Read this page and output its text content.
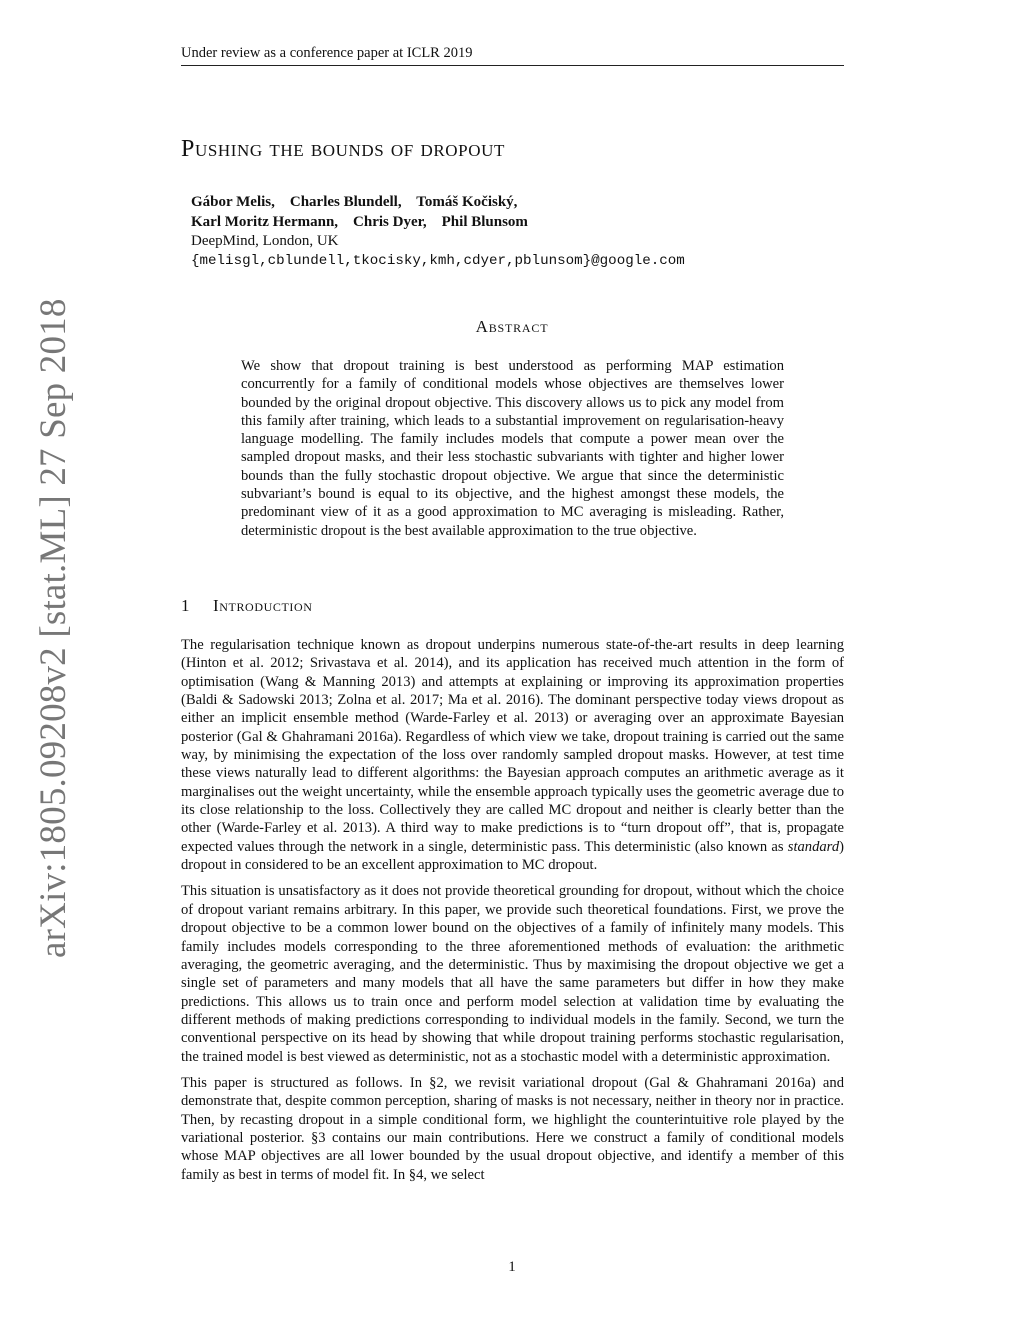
Under review as a conference paper at ICLR 2019
arXiv:1805.09208v2 [stat.ML] 27 Sep 2018
Pushing the bounds of dropout
Gábor Melis,    Charles Blundell,    Tomáš Kočiský,
Karl Moritz Hermann,    Chris Dyer,    Phil Blunsom
DeepMind, London, UK
{melisgl,cblundell,tkocisky,kmh,cdyer,pblunsom}@google.com
Abstract
We show that dropout training is best understood as performing MAP estimation concurrently for a family of conditional models whose objectives are themselves lower bounded by the original dropout objective. This discovery allows us to pick any model from this family after training, which leads to a substantial improvement on regularisation-heavy language modelling. The family includes models that compute a power mean over the sampled dropout masks, and their less stochastic subvariants with tighter and higher lower bounds than the fully stochastic dropout objective. We argue that since the deterministic subvariant’s bound is equal to its objective, and the highest amongst these models, the predominant view of it as a good approximation to MC averaging is misleading. Rather, deterministic dropout is the best available approximation to the true objective.
1 Introduction

The regularisation technique known as dropout underpins numerous state-of-the-art results in deep learning (Hinton et al. 2012; Srivastava et al. 2014), and its application has received much attention in the form of optimisation (Wang & Manning 2013) and attempts at explaining or improving its approximation properties (Baldi & Sadowski 2013; Zolna et al. 2017; Ma et al. 2016). The dominant perspective today views dropout as either an implicit ensemble method (Warde-Farley et al. 2013) or averaging over an approximate Bayesian posterior (Gal & Ghahramani 2016a). Regardless of which view we take, dropout training is carried out the same way, by minimising the expectation of the loss over randomly sampled dropout masks. However, at test time these views naturally lead to different algorithms: the Bayesian approach computes an arithmetic average as it marginalises out the weight uncertainty, while the ensemble approach typically uses the geometric average due to its close relationship to the loss. Collectively they are called MC dropout and neither is clearly better than the other (Warde-Farley et al. 2013). A third way to make predictions is to “turn dropout off”, that is, propagate expected values through the network in a single, deterministic pass. This deterministic (also known as standard) dropout in considered to be an excellent approximation to MC dropout.

This situation is unsatisfactory as it does not provide theoretical grounding for dropout, without which the choice of dropout variant remains arbitrary. In this paper, we provide such theoretical foundations. First, we prove the dropout objective to be a common lower bound on the objectives of a family of infinitely many models. This family includes models corresponding to the three aforementioned methods of evaluation: the arithmetic averaging, the geometric averaging, and the deterministic. Thus by maximising the dropout objective we get a single set of parameters and many models that all have the same parameters but differ in how they make predictions. This allows us to train once and perform model selection at validation time by evaluating the different methods of making predictions corresponding to individual models in the family. Second, we turn the conventional perspective on its head by showing that while dropout training performs stochastic regularisation, the trained model is best viewed as deterministic, not as a stochastic model with a deterministic approximation.

This paper is structured as follows. In §2, we revisit variational dropout (Gal & Ghahramani 2016a) and demonstrate that, despite common perception, sharing of masks is not necessary, neither in theory nor in practice. Then, by recasting dropout in a simple conditional form, we highlight the counterintuitive role played by the variational posterior. §3 contains our main contributions. Here we construct a family of conditional models whose MAP objectives are all lower bounded by the usual dropout objective, and identify a member of this family as best in terms of model fit. In §4, we select

1
